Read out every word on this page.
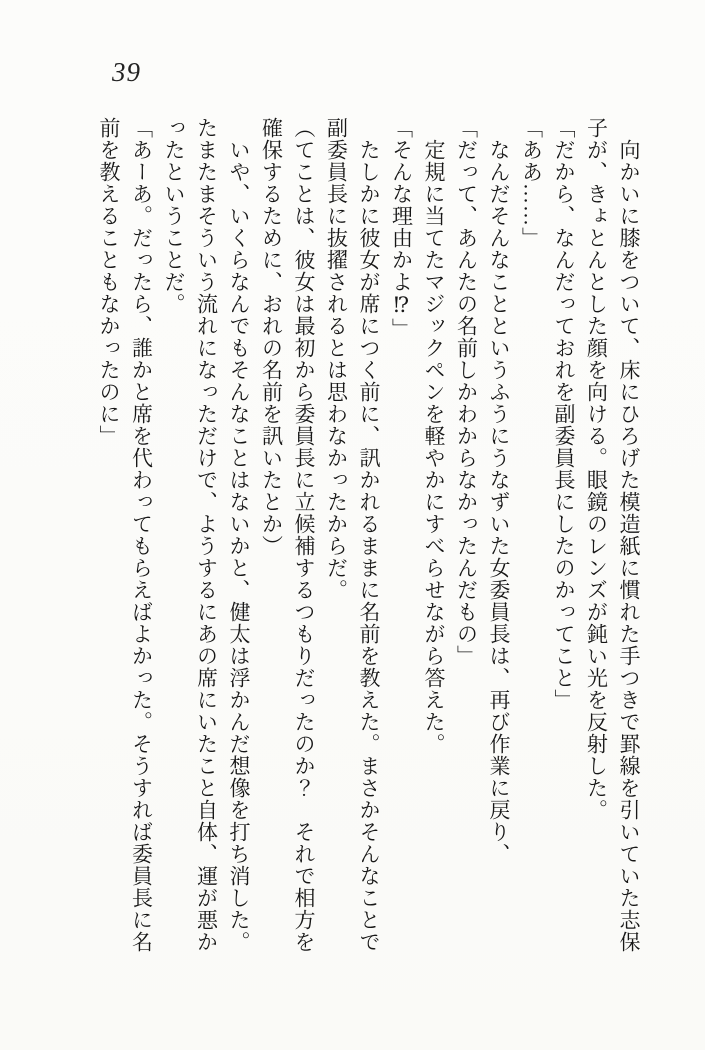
39

向かいに膝をついて、床にひろげた模造紙に慣れた手つきで罫線を引いていた志保

子が、きょとんとした顔を向ける。眼鏡のレンズが鈍い光を反射した。

「だから、なんだっておれを副委員長にしたのかってこと」

「ああ……」

なんだそんなことというふうにうなずいた女委員長は、再び作業に戻り、

「だって、あんたの名前しかわからなかったんだもの」

定規に当てたマジックペンを軽やかにすべらせながら答えた。

「そんな理由かよ⁉」

たしかに彼女が席につく前に、訊かれるままに名前を教えた。まさかそんなことで

副委員長に抜擢されるとは思わなかったからだ。

（てことは、彼女は最初から委員長に立候補するつもりだったのか？　それで相方を

確保するために、おれの名前を訊いたとか）

いや、いくらなんでもそんなことはないかと、健太は浮かんだ想像を打ち消した。

たまたまそういう流れになっただけで、ようするにあの席にいたこと自体、運が悪か

ったということだ。

「あーあ。だったら、誰かと席を代わってもらえばよかった。そうすれば委員長に名

前を教えることもなかったのに」
